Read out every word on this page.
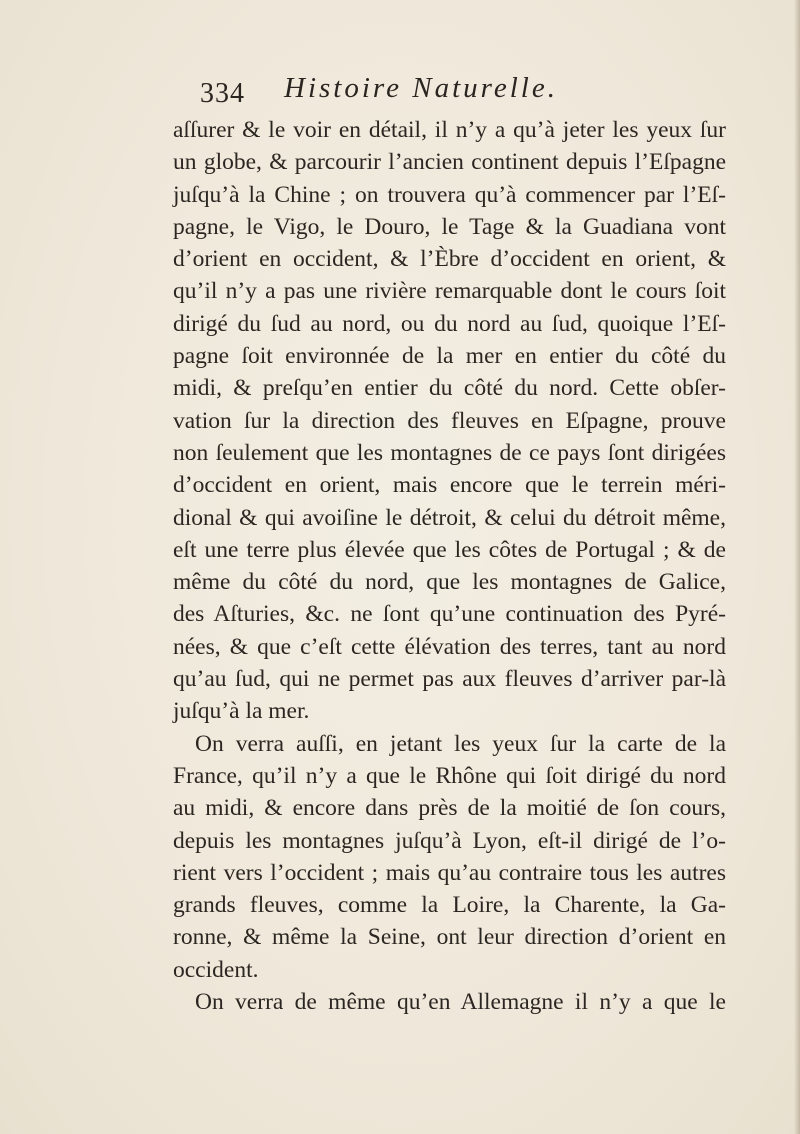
334 Histoire Naturelle.
aſſurer & le voir en détail, il n’y a qu’à jeter les yeux ſur
un globe, & parcourir l’ancien continent depuis l’Eſpagne
juſqu’à la Chine ; on trouvera qu’à commencer par l’Eſ-
pagne, le Vigo, le Douro, le Tage & la Guadiana vont
d’orient en occident, & l’Èbre d’occident en orient, &
qu’il n’y a pas une rivière remarquable dont le cours ſoit
dirigé du ſud au nord, ou du nord au ſud, quoique l’Eſ-
pagne ſoit environnée de la mer en entier du côté du
midi, & preſqu’en entier du côté du nord. Cette obſer-
vation ſur la direction des fleuves en Eſpagne, prouve
non ſeulement que les montagnes de ce pays ſont dirigées
d’occident en orient, mais encore que le terrein méri-
dional & qui avoiſine le détroit, & celui du détroit même,
eſt une terre plus élevée que les côtes de Portugal ; & de
même du côté du nord, que les montagnes de Galice,
des Aſturies, &c. ne ſont qu’une continuation des Pyré-
nées, & que c’eſt cette élévation des terres, tant au nord
qu’au ſud, qui ne permet pas aux fleuves d’arriver par-là
juſqu’à la mer.
On verra auſſi, en jetant les yeux ſur la carte de la
France, qu’il n’y a que le Rhône qui ſoit dirigé du nord
au midi, & encore dans près de la moitié de ſon cours,
depuis les montagnes juſqu’à Lyon, eſt-il dirigé de l’o-
rient vers l’occident ; mais qu’au contraire tous les autres
grands fleuves, comme la Loire, la Charente, la Ga-
ronne, & même la Seine, ont leur direction d’orient en
occident.
On verra de même qu’en Allemagne il n’y a que le
